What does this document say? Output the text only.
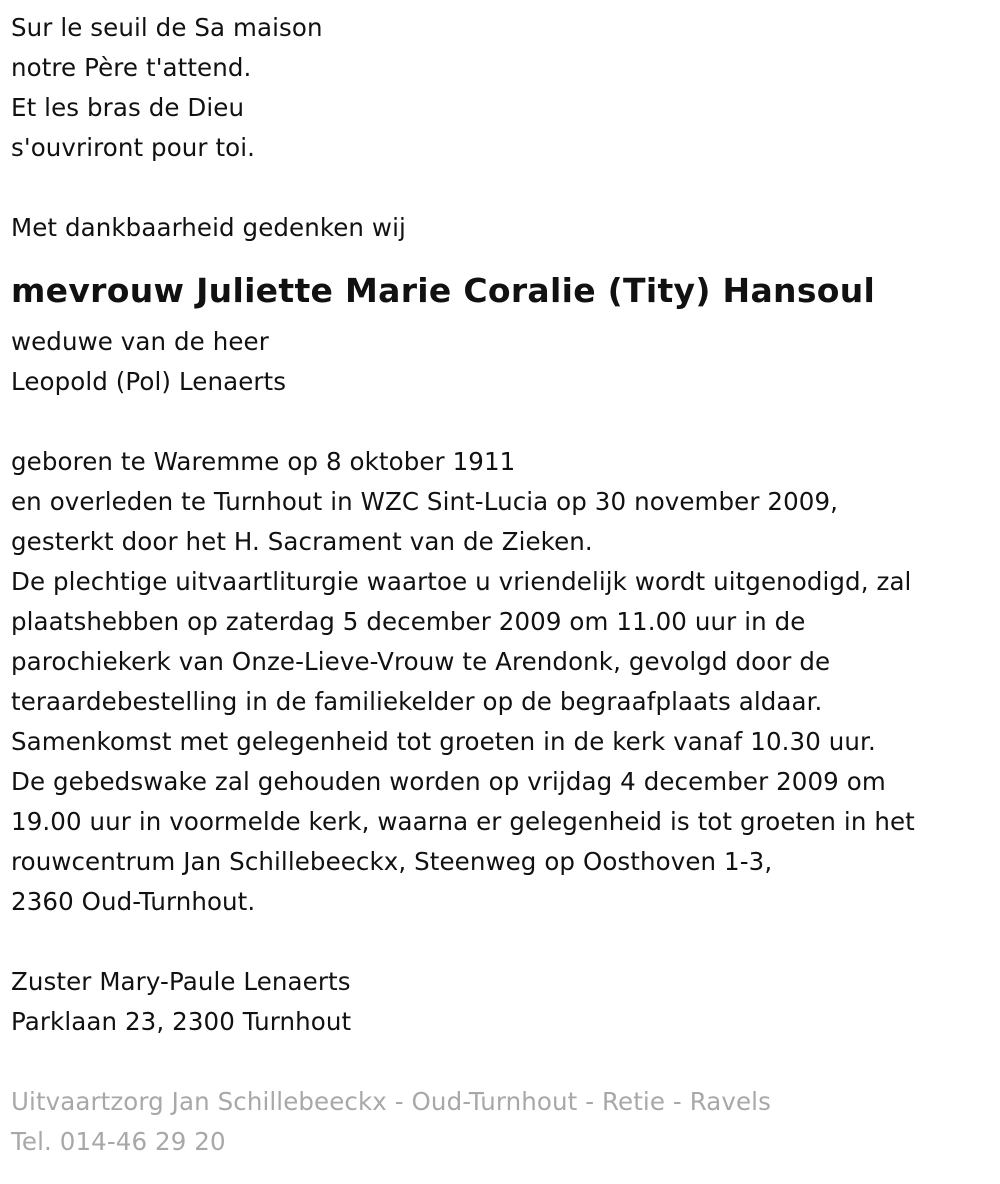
Sur le seuil de Sa maison
notre Père t'attend.
Et les bras de Dieu
s'ouvriront pour toi.
Met dankbaarheid gedenken wij
mevrouw Juliette Marie Coralie (Tity) Hansoul
weduwe van de heer
Leopold (Pol) Lenaerts
geboren te Waremme op 8 oktober 1911
en overleden te Turnhout in WZC Sint-Lucia op 30 november 2009,
gesterkt door het H. Sacrament van de Zieken.
De plechtige uitvaartliturgie waartoe u vriendelijk wordt uitgenodigd, zal
plaatshebben op zaterdag 5 december 2009 om 11.00 uur in de
parochiekerk van Onze-Lieve-Vrouw te Arendonk, gevolgd door de
teraardebestelling in de familiekelder op de begraafplaats aldaar.
Samenkomst met gelegenheid tot groeten in de kerk vanaf 10.30 uur.
De gebedswake zal gehouden worden op vrijdag 4 december 2009 om
19.00 uur in voormelde kerk, waarna er gelegenheid is tot groeten in het
rouwcentrum Jan Schillebeeckx, Steenweg op Oosthoven 1-3,
2360 Oud-Turnhout.
Zuster Mary-Paule Lenaerts
Parklaan 23, 2300 Turnhout
Uitvaartzorg Jan Schillebeeckx - Oud-Turnhout - Retie - Ravels
Tel. 014-46 29 20
